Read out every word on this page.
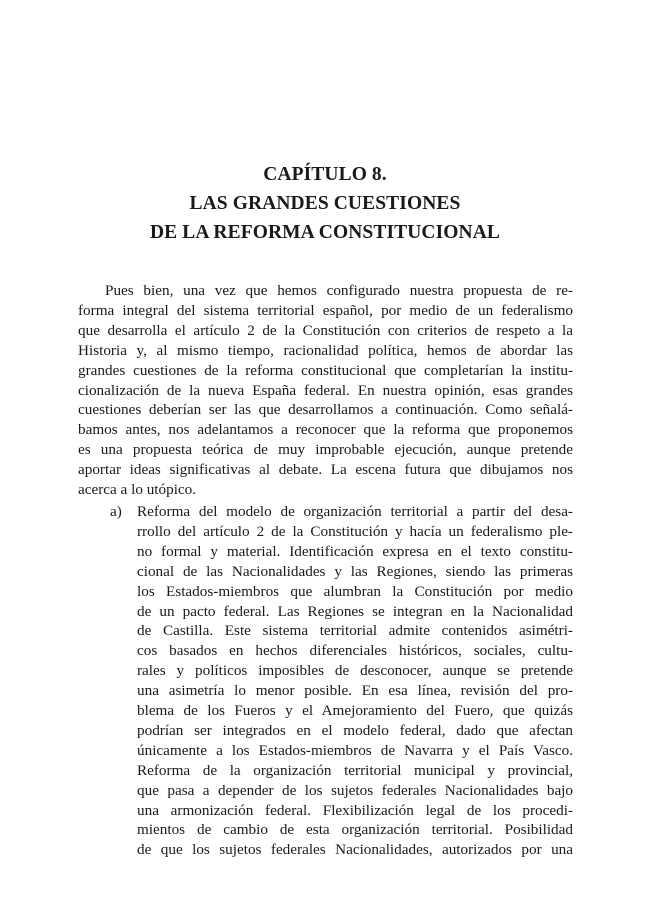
CAPÍTULO 8.
LAS GRANDES CUESTIONES
DE LA REFORMA CONSTITUCIONAL
Pues bien, una vez que hemos configurado nuestra propuesta de re-
forma integral del sistema territorial español, por medio de un federalismo
que desarrolla el artículo 2 de la Constitución con criterios de respeto a la
Historia y, al mismo tiempo, racionalidad política, hemos de abordar las
grandes cuestiones de la reforma constitucional que completarían la institu-
cionalización de la nueva España federal. En nuestra opinión, esas grandes
cuestiones deberían ser las que desarrollamos a continuación. Como señalá-
bamos antes, nos adelantamos a reconocer que la reforma que proponemos
es una propuesta teórica de muy improbable ejecución, aunque pretende
aportar ideas significativas al debate. La escena futura que dibujamos nos
acerca a lo utópico.
a) Reforma del modelo de organización territorial a partir del desa-
rrollo del artículo 2 de la Constitución y hacía un federalismo ple-
no formal y material. Identificación expresa en el texto constitu-
cional de las Nacionalidades y las Regiones, siendo las primeras
los Estados-miembros que alumbran la Constitución por medio
de un pacto federal. Las Regiones se integran en la Nacionalidad
de Castilla. Este sistema territorial admite contenidos asimétri-
cos basados en hechos diferenciales históricos, sociales, cultu-
rales y políticos imposibles de desconocer, aunque se pretende
una asimetría lo menor posible. En esa línea, revisión del pro-
blema de los Fueros y el Amejoramiento del Fuero, que quizás
podrían ser integrados en el modelo federal, dado que afectan
únicamente a los Estados-miembros de Navarra y el País Vasco.
Reforma de la organización territorial municipal y provincial,
que pasa a depender de los sujetos federales Nacionalidades bajo
una armonización federal. Flexibilización legal de los procedi-
mientos de cambio de esta organización territorial. Posibilidad
de que los sujetos federales Nacionalidades, autorizados por una
